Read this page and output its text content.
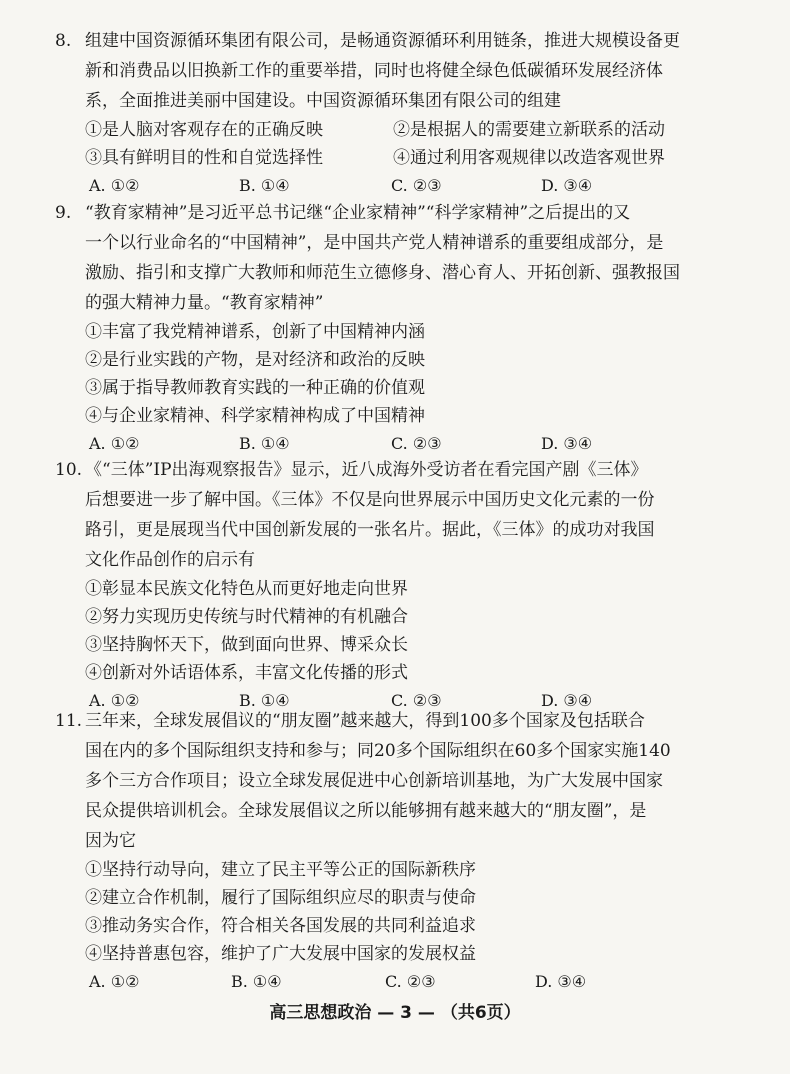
8. 组建中国资源循环集团有限公司，是畅通资源循环利用链条，推进大规模设备更
新和消费品以旧换新工作的重要举措，同时也将健全绿色低碳循环发展经济体
系，全面推进美丽中国建设。中国资源循环集团有限公司的组建
①是人脑对客观存在的正确反映	②是根据人的需要建立新联系的活动
③具有鲜明目的性和自觉选择性	④通过利用客观规律以改造客观世界
A. ①②	B. ①④	C. ②③	D. ③④
9. “教育家精神”是习近平总书记继“企业家精神”“科学家精神”之后提出的又
一个以行业命名的“中国精神”，是中国共产党人精神谱系的重要组成部分，是
激励、指引和支撑广大教师和师范生立德修身、潜心育人、开拓创新、强教报国
的强大精神力量。“教育家精神”
①丰富了我党精神谱系，创新了中国精神内涵
②是行业实践的产物，是对经济和政治的反映
③属于指导教师教育实践的一种正确的价值观
④与企业家精神、科学家精神构成了中国精神
A. ①②	B. ①④	C. ②③	D. ③④
10. 《“三体”IP出海观察报告》显示，近八成海外受访者在看完国产剧《三体》
后想要进一步了解中国。《三体》不仅是向世界展示中国历史文化元素的一份
路引，更是展现当代中国创新发展的一张名片。据此，《三体》的成功对我国
文化作品创作的启示有
①彰显本民族文化特色从而更好地走向世界
②努力实现历史传统与时代精神的有机融合
③坚持胸怀天下，做到面向世界、博采众长
④创新对外话语体系，丰富文化传播的形式
A. ①②	B. ①④	C. ②③	D. ③④
11. 三年来，全球发展倡议的“朋友圈”越来越大，得到100多个国家及包括联合
国在内的多个国际组织支持和参与；同20多个国际组织在60多个国家实施140
多个三方合作项目；设立全球发展促进中心创新培训基地，为广大发展中国家
民众提供培训机会。全球发展倡议之所以能够拥有越来越大的“朋友圈”，是
因为它
①坚持行动导向，建立了民主平等公正的国际新秩序
②建立合作机制，履行了国际组织应尽的职责与使命
③推动务实合作，符合相关各国发展的共同利益追求
④坚持普惠包容，维护了广大发展中国家的发展权益
A. ①②	B. ①④	C. ②③	D. ③④
高三思想政治 — 3 — （共6页）
